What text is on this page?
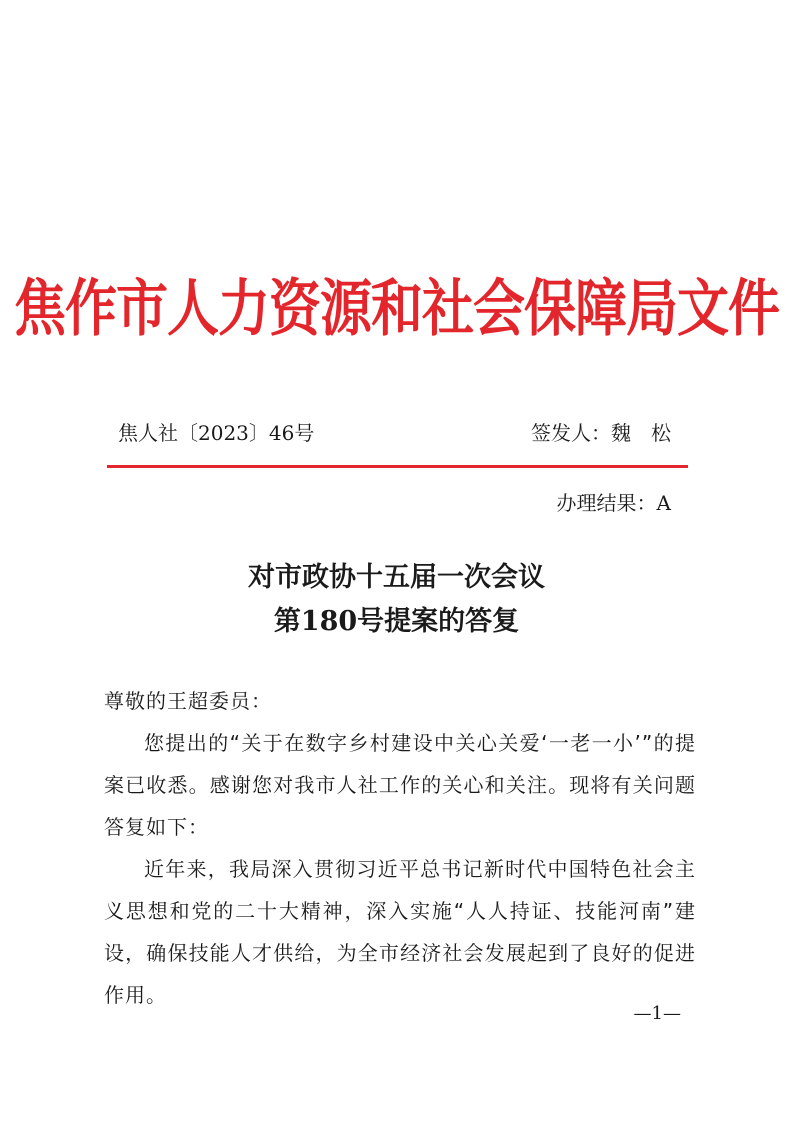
焦作市人力资源和社会保障局文件
焦人社〔2023〕46号	签发人：魏松
办理结果：A
对市政协十五届一次会议
第180号提案的答复

尊敬的王超委员：

您提出的“关于在数字乡村建设中关心关爱‘一老一小’”的提案已收悉。感谢您对我市人社工作的关心和关注。现将有关问题答复如下：

近年来，我局深入贯彻习近平总书记新时代中国特色社会主义思想和党的二十大精神，深入实施“人人持证、技能河南”建设，确保技能人才供给，为全市经济社会发展起到了良好的促进作用。

—1—
